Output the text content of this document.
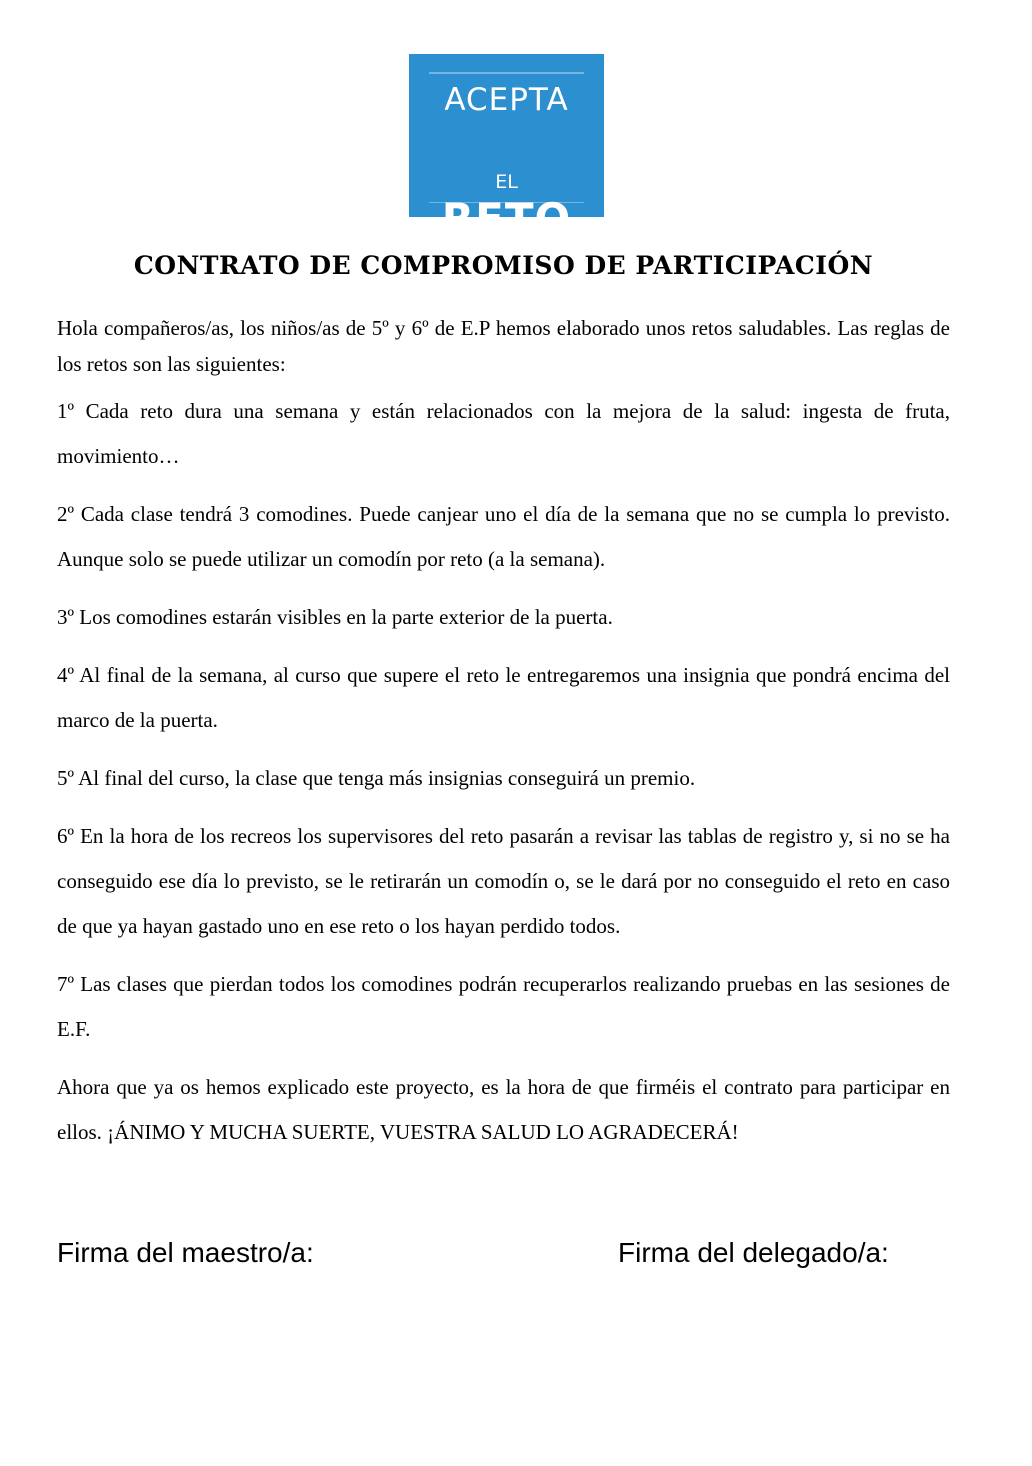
ACEPTA
EL
RETO
CONTRATO DE COMPROMISO DE PARTICIPACIÓN

Hola compañeros/as, los niños/as de 5º y 6º de E.P hemos elaborado unos retos saludables. Las reglas de los retos son las siguientes:

1º Cada reto dura una semana y están relacionados con la mejora de la salud: ingesta de fruta, movimiento…

2º Cada clase tendrá 3 comodines. Puede canjear uno el día de la semana que no se cumpla lo previsto. Aunque solo se puede utilizar un comodín por reto (a la semana).

3º Los comodines estarán visibles en la parte exterior de la puerta.

4º Al final de la semana, al curso que supere el reto le entregaremos una insignia que pondrá encima del marco de la puerta.

5º Al final del curso, la clase que tenga más insignias conseguirá un premio.

6º En la hora de los recreos los supervisores del reto pasarán a revisar las tablas de registro y, si no se ha conseguido ese día lo previsto, se le retirarán un comodín o, se le dará por no conseguido el reto en caso de que ya hayan gastado uno en ese reto o los hayan perdido todos.

7º Las clases que pierdan todos los comodines podrán recuperarlos realizando pruebas en las sesiones de E.F.

Ahora que ya os hemos explicado este proyecto, es la hora de que firméis el contrato para participar en ellos. ¡ÁNIMO Y MUCHA SUERTE, VUESTRA SALUD LO AGRADECERÁ!

Firma del maestro/a:	Firma del delegado/a:
